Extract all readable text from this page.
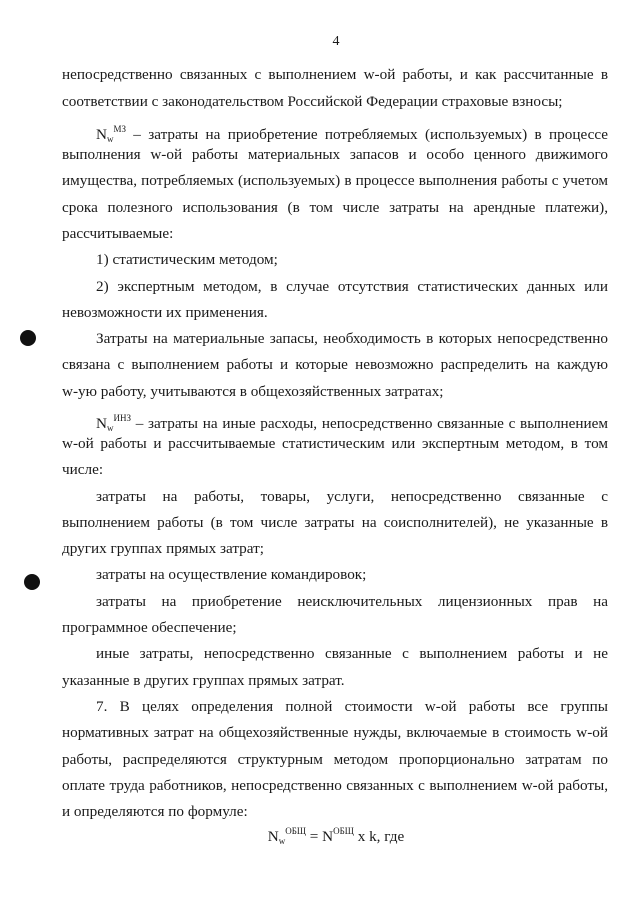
4
непосредственно связанных с выполнением w-ой работы, и как рассчитанные в
соответствии с законодательством Российской Федерации страховые взносы;
$N_w^{МЗ}$ – затраты на приобретение потребляемых (используемых) в процессе
выполнения w-ой работы материальных запасов и особо ценного движимого
имущества, потребляемых (используемых) в процессе выполнения работы с учетом
срока полезного использования (в том числе затраты на арендные платежи),
рассчитываемые:
1) статистическим методом;
2) экспертным методом, в случае отсутствия статистических данных или
невозможности их применения.
Затраты на материальные запасы, необходимость в которых непосредственно
связана с выполнением работы и которые невозможно распределить на каждую
w-ую работу, учитываются в общехозяйственных затратах;
$N_w^{ИНЗ}$ – затраты на иные расходы, непосредственно связанные с выполнением
w-ой работы и рассчитываемые статистическим или экспертным методом, в том
числе:
затраты на работы, товары, услуги, непосредственно связанные с
выполнением работы (в том числе затраты на соисполнителей), не указанные в
других группах прямых затрат;
затраты на осуществление командировок;
затраты на приобретение неисключительных лицензионных прав на
программное обеспечение;
иные затраты, непосредственно связанные с выполнением работы и не
указанные в других группах прямых затрат.
7. В целях определения полной стоимости w-ой работы все группы
нормативных затрат на общехозяйственные нужды, включаемые в стоимость w-ой
работы, распределяются структурным методом пропорционально затратам по
оплате труда работников, непосредственно связанных с выполнением w-ой работы,
и определяются по формуле:
$N_w^{ОБЩ} = N^{ОБЩ}$ x k, где
